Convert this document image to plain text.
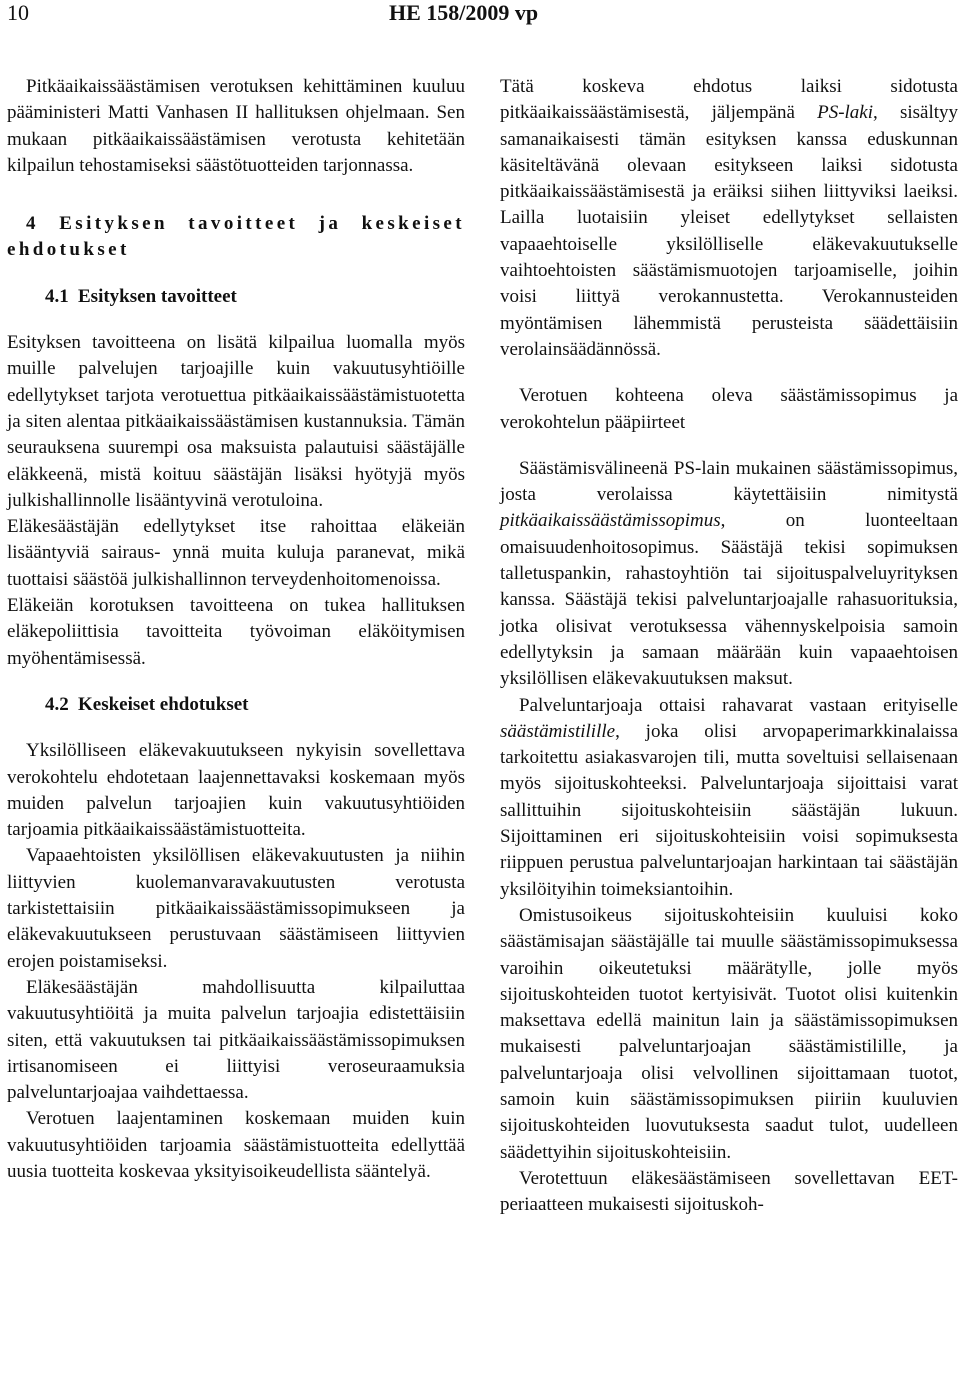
10	HE 158/2009 vp

Pitkäaikaissäästämisen verotuksen kehittäminen kuuluu pääministeri Matti Vanhasen II hallituksen ohjelmaan. Sen mukaan pitkäaikaissäästämisen verotusta kehitetään kilpailun tehostamiseksi säästötuotteiden tarjonnassa.

4 Esityksen tavoitteet ja keskeiset ehdotukset

4.1 Esityksen tavoitteet

Esityksen tavoitteena on lisätä kilpailua luomalla myös muille palvelujen tarjoajille kuin vakuutusyhtiöille edellytykset tarjota verotuettua pitkäaikaissäästämistuotetta ja siten alentaa pitkäaikaissäästämisen kustannuksia. Tämän seurauksena suurempi osa maksuista palautuisi säästäjälle eläkkeenä, mistä koituu säästäjän lisäksi hyötyjä myös julkishallinnolle lisääntyvinä verotuloina.

Eläkesäästäjän edellytykset itse rahoittaa eläkeiän lisääntyviä sairaus- ynnä muita kuluja paranevat, mikä tuottaisi säästöä julkishallinnon terveydenhoitomenoissa.

Eläkeiän korotuksen tavoitteena on tukea hallituksen eläkepoliittisia tavoitteita työvoiman eläköitymisen myöhentämisessä.

4.2 Keskeiset ehdotukset

Yksilölliseen eläkevakuutukseen nykyisin sovellettava verokohtelu ehdotetaan laajennettavaksi koskemaan myös muiden palvelun tarjoajien kuin vakuutusyhtiöiden tarjoamia pitkäaikaissäästämistuotteita.

Vapaaehtoisten yksilöllisen eläkevakuutusten ja niihin liittyvien kuolemanvaravakuutusten verotusta tarkistettaisiin pitkäaikaissäästämissopimukseen ja eläkevakuutukseen perustuvaan säästämiseen liittyvien erojen poistamiseksi.

Eläkesäästäjän mahdollisuutta kilpailuttaa vakuutusyhtiöitä ja muita palvelun tarjoajia edistettäisiin siten, että vakuutuksen tai pitkäaikaissäästämissopimuksen irtisanomiseen ei liittyisi veroseuraamuksia palveluntarjoajaa vaihdettaessa.

Verotuen laajentaminen koskemaan muiden kuin vakuutusyhtiöiden tarjoamia säästämistuotteita edellyttää uusia tuotteita koskevaa yksityisoikeudellista sääntelyä.

Tätä koskeva ehdotus laiksi sidotusta pitkäaikaissäästämisestä, jäljempänä PS-laki, sisältyy samanaikaisesti tämän esityksen kanssa eduskunnan käsiteltävänä olevaan esitykseen laiksi sidotusta pitkäaikaissäästämisestä ja eräiksi siihen liittyviksi laeiksi. Lailla luotaisiin yleiset edellytykset sellaisten vapaaehtoiselle yksilölliselle eläkevakuutukselle vaihtoehtoisten säästämismuotojen tarjoamiselle, joihin voisi liittyä verokannustetta. Verokannusteiden myöntämisen lähemmistä perusteista säädettäisiin verolainsäädännössä.

Verotuen kohteena oleva säästämissopimus ja verokohtelun pääpiirteet

Säästämisvälineenä PS-lain mukainen säästämissopimus, josta verolaissa käytettäisiin nimitystä pitkäaikaissäästämissopimus, on luonteeltaan omaisuudenhoitosopimus. Säästäjä tekisi sopimuksen talletuspankin, rahastoyhtiön tai sijoituspalveluyrityksen kanssa. Säästäjä tekisi palveluntarjoajalle rahasuorituksia, jotka olisivat verotuksessa vähennyskelpoisia samoin edellytyksin ja samaan määrään kuin vapaaehtoisen yksilöllisen eläkevakuutuksen maksut.

Palveluntarjoaja ottaisi rahavarat vastaan erityiselle säästämistilille, joka olisi arvopaperimarkkinalaissa tarkoitettu asiakasvarojen tili, mutta soveltuisi sellaisenaan myös sijoituskohteeksi. Palveluntarjoaja sijoittaisi varat sallittuihin sijoituskohteisiin säästäjän lukuun. Sijoittaminen eri sijoituskohteisiin voisi sopimuksesta riippuen perustua palveluntarjoajan harkintaan tai säästäjän yksilöityihin toimeksiantoihin.

Omistusoikeus sijoituskohteisiin kuuluisi koko säästämisajan säästäjälle tai muulle säästämissopimuksessa varoihin oikeutetuksi määrätylle, jolle myös sijoituskohteiden tuotot kertyisivät. Tuotot olisi kuitenkin maksettava edellä mainitun lain ja säästämissopimuksen mukaisesti palveluntarjoajan säästämistilille, ja palveluntarjoaja olisi velvollinen sijoittamaan tuotot, samoin kuin säästämissopimuksen piiriin kuuluvien sijoituskohteiden luovutuksesta saadut tulot, uudelleen säädettyihin sijoituskohteisiin.

Verotettuun eläkesäästämiseen sovellettavan EET-periaatteen mukaisesti sijoituskoh-
